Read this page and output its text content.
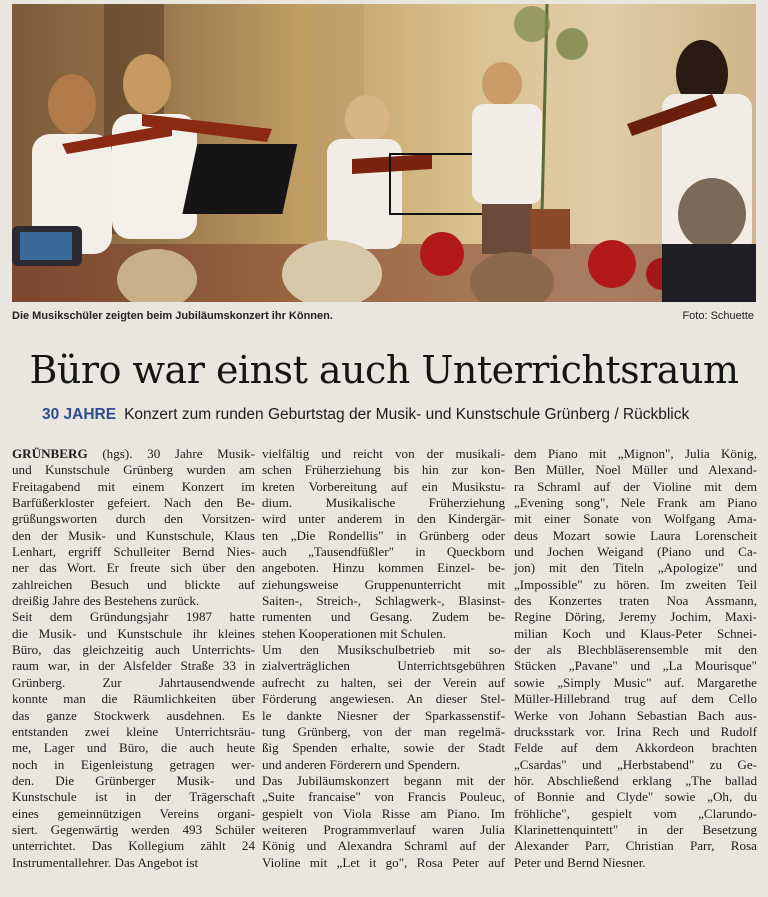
Die Musikschüler zeigten beim Jubiläumskonzert ihr Können.	Foto: Schuette
Büro war einst auch Unterrichtsraum
30 JAHRE Konzert zum runden Geburtstag der Musik- und Kunstschule Grünberg / Rückblick
GRÜNBERG (hgs). 30 Jahre Musik-
und Kunstschule Grünberg wurden am
Freitagabend mit einem Konzert im
Barfüßerkloster gefeiert. Nach den Be-
grüßungsworten durch den Vorsitzen-
den der Musik- und Kunstschule, Klaus
Lenhart, ergriff Schulleiter Bernd Nies-
ner das Wort. Er freute sich über den
zahlreichen Besuch und blickte auf
dreißig Jahre des Bestehens zurück.
Seit dem Gründungsjahr 1987 hatte
die Musik- und Kunstschule ihr kleines
Büro, das gleichzeitig auch Unterrichts-
raum war, in der Alsfelder Straße 33 in
Grünberg. Zur Jahrtausendwende
konnte man die Räumlichkeiten über
das ganze Stockwerk ausdehnen. Es
entstanden zwei kleine Unterrichtsräu-
me, Lager und Büro, die auch heute
noch in Eigenleistung getragen wer-
den. Die Grünberger Musik- und
Kunstschule ist in der Trägerschaft
eines gemeinnützigen Vereins organi-
siert. Gegenwärtig werden 493 Schüler
unterrichtet. Das Kollegium zählt 24
Instrumentallehrer. Das Angebot ist
vielfältig und reicht von der musikali-
schen Früherziehung bis hin zur kon-
kreten Vorbereitung auf ein Musikstu-
dium. Musikalische Früherziehung
wird unter anderem in den Kindergär-
ten „Die Rondellis" in Grünberg oder
auch „Tausendfüßler" in Queckborn
angeboten. Hinzu kommen Einzel- be-
ziehungsweise Gruppenunterricht mit
Saiten-, Streich-, Schlagwerk-, Blasinst-
rumenten und Gesang. Zudem be-
stehen Kooperationen mit Schulen.
Um den Musikschulbetrieb mit so-
zialverträglichen Unterrichtsgebühren
aufrecht zu halten, sei der Verein auf
Förderung angewiesen. An dieser Stel-
le dankte Niesner der Sparkassenstif-
tung Grünberg, von der man regelmä-
ßig Spenden erhalte, sowie der Stadt
und anderen Förderern und Spendern.
Das Jubiläumskonzert begann mit der
„Suite francaise" von Francis Pouleuc,
gespielt von Viola Risse am Piano. Im
weiteren Programmverlauf waren Julia
König und Alexandra Schraml auf der
Violine mit „Let it go", Rosa Peter auf
dem Piano mit „Mignon", Julia König,
Ben Müller, Noel Müller und Alexand-
ra Schraml auf der Violine mit dem
„Evening song", Nele Frank am Piano
mit einer Sonate von Wolfgang Ama-
deus Mozart sowie Laura Lorenscheit
und Jochen Weigand (Piano und Ca-
jon) mit den Titeln „Apologize" und
„Impossible" zu hören. Im zweiten Teil
des Konzertes traten Noa Assmann,
Regine Döring, Jeremy Jochim, Maxi-
milian Koch und Klaus-Peter Schnei-
der als Blechbläserensemble mit den
Stücken „Pavane" und „La Mourisque"
sowie „Simply Music" auf. Margarethe
Müller-Hillebrand trug auf dem Cello
Werke von Johann Sebastian Bach aus-
drucksstark vor. Irina Rech und Rudolf
Felde auf dem Akkordeon brachten
„Csardas" und „Herbstabend" zu Ge-
hör. Abschließend erklang „The ballad
of Bonnie and Clyde" sowie „Oh, du
fröhliche", gespielt vom „Clarundo-
Klarinettenquintett" in der Besetzung
Alexander Parr, Christian Parr, Rosa
Peter und Bernd Niesner.
